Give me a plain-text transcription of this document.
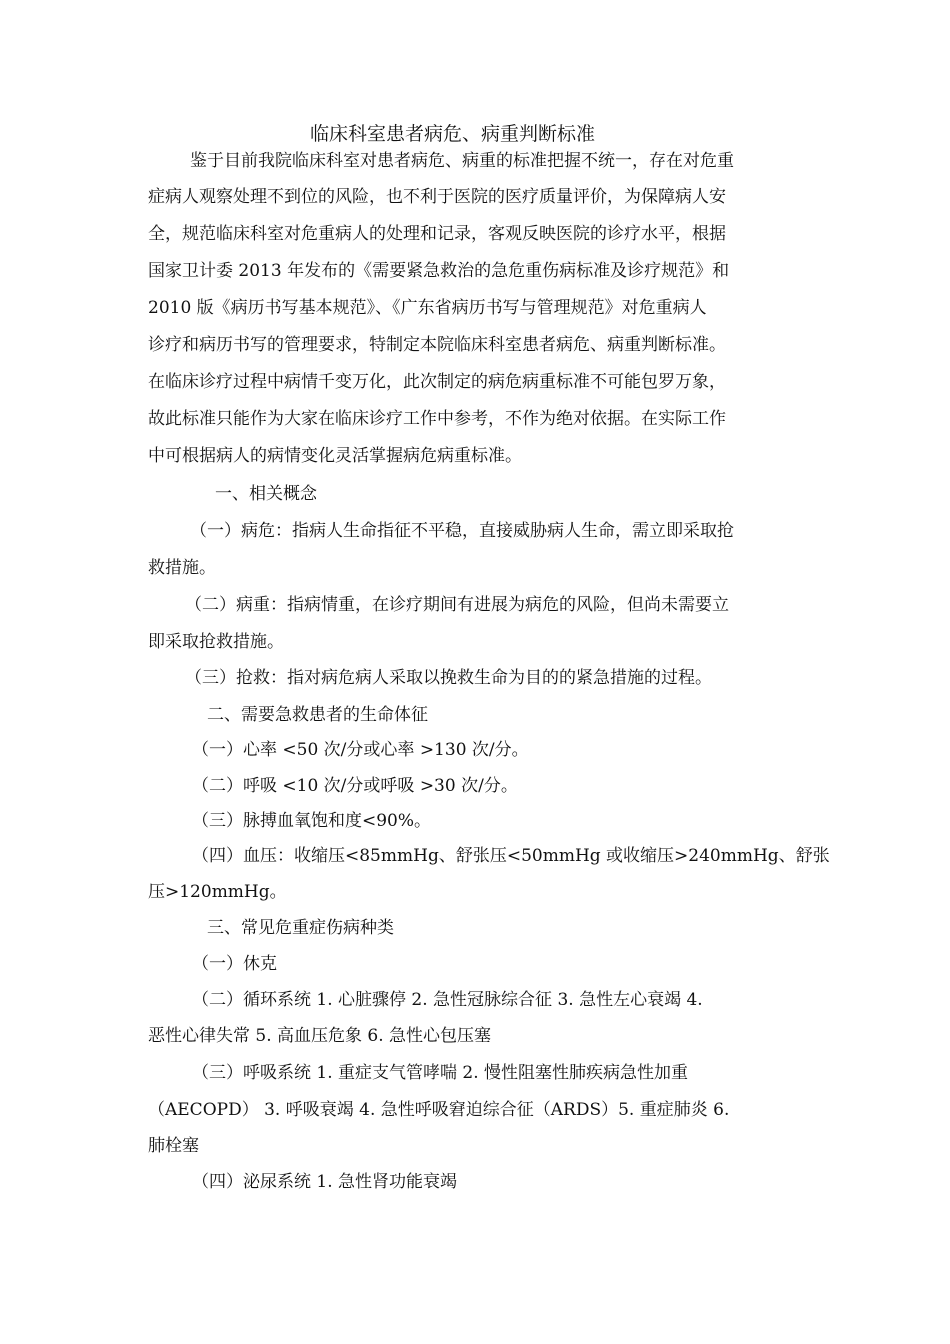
临床科室患者病危、病重判断标准
鉴于目前我院临床科室对患者病危、病重的标准把握不统一，存在对危重
症病人观察处理不到位的风险，也不利于医院的医疗质量评价，为保障病人安
全，规范临床科室对危重病人的处理和记录，客观反映医院的诊疗水平，根据
国家卫计委 2013 年发布的《需要紧急救治的急危重伤病标准及诊疗规范》和
2010 版《病历书写基本规范》、《广东省病历书写与管理规范》对危重病人
诊疗和病历书写的管理要求，特制定本院临床科室患者病危、病重判断标准。
在临床诊疗过程中病情千变万化，此次制定的病危病重标准不可能包罗万象，
故此标准只能作为大家在临床诊疗工作中参考，不作为绝对依据。在实际工作
中可根据病人的病情变化灵活掌握病危病重标准。
一、相关概念
（一）病危：指病人生命指征不平稳，直接威胁病人生命，需立即采取抢
救措施。
（二）病重：指病情重，在诊疗期间有进展为病危的风险，但尚未需要立
即采取抢救措施。
（三）抢救：指对病危病人采取以挽救生命为目的的紧急措施的过程。
二、需要急救患者的生命体征
（一）心率 <50 次/分或心率 >130 次/分。
（二）呼吸 <10 次/分或呼吸 >30 次/分。
（三）脉搏血氧饱和度<90%。
（四）血压：收缩压<85mmHg、舒张压<50mmHg 或收缩压>240mmHg、舒张
压>120mmHg。
三、常见危重症伤病种类
（一）休克
（二）循环系统 1. 心脏骤停 2. 急性冠脉综合征 3. 急性左心衰竭 4.
恶性心律失常 5. 高血压危象 6. 急性心包压塞
（三）呼吸系统 1. 重症支气管哮喘 2. 慢性阻塞性肺疾病急性加重
（AECOPD） 3. 呼吸衰竭 4. 急性呼吸窘迫综合征（ARDS）5. 重症肺炎 6.
肺栓塞
（四）泌尿系统 1. 急性肾功能衰竭
